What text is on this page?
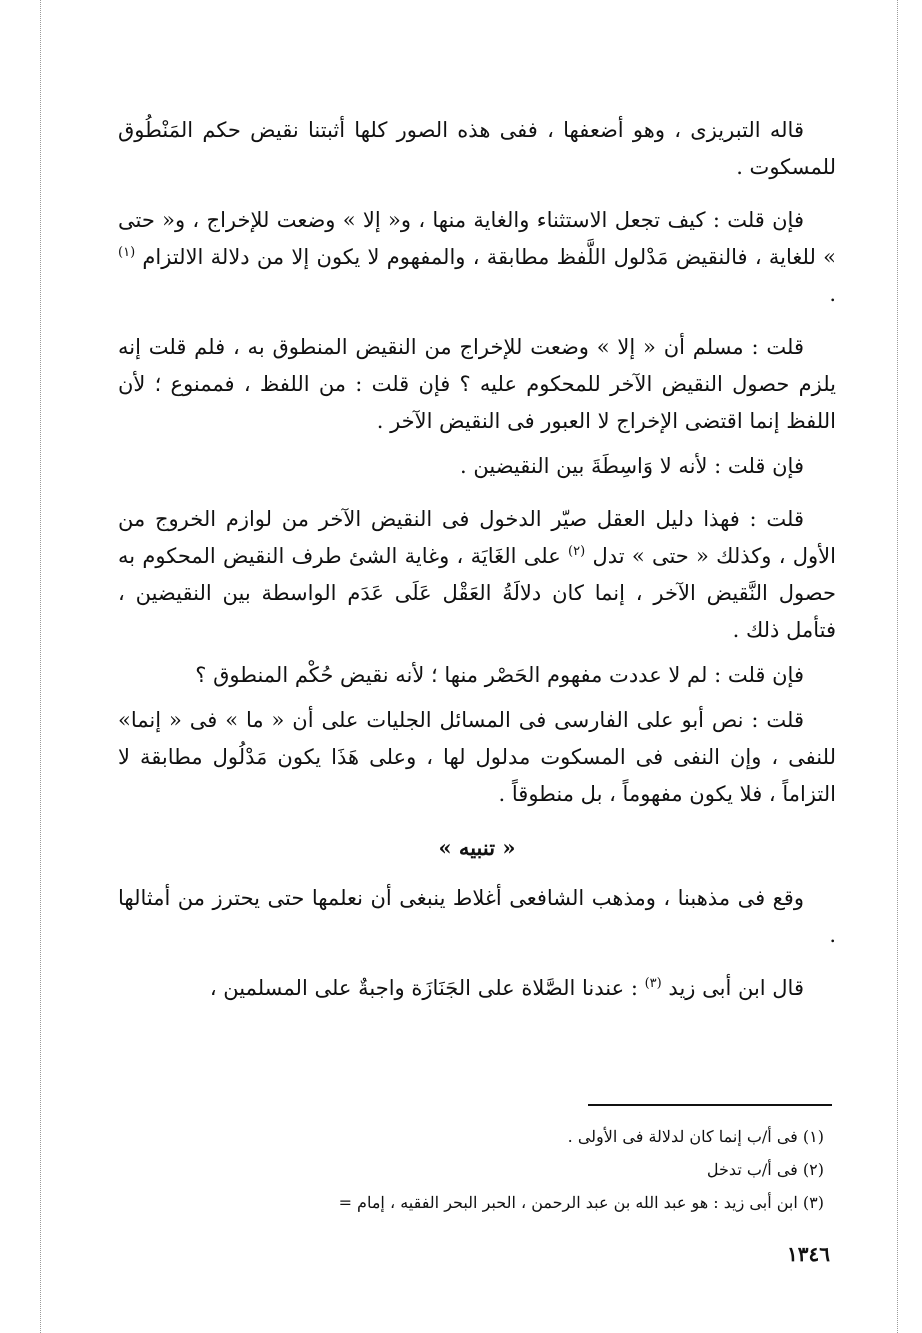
قاله التبريزى ، وهو أضعفها ، ففى هذه الصور كلها أثبتنا نقيض حكم المَنْطُوق للمسكوت .

فإن قلت : كيف تجعل الاستثناء والغاية منها ، و« إلا » وضعت للإخراج ، و« حتى » للغاية ، فالنقيض مَدْلول اللَّفظ مطابقة ، والمفهوم لا يكون إلا من دلالة الالتزام $^{(١)}$ .

قلت : مسلم أن « إلا » وضعت للإخراج من النقيض المنطوق به ، فلم قلت إنه يلزم حصول النقيض الآخر للمحكوم عليه ؟ فإن قلت : من اللفظ ، فممنوع ؛ لأن اللفظ إنما اقتضى الإخراج لا العبور فى النقيض الآخر .

فإن قلت : لأنه لا وَاسِطَةَ بين النقيضين .

قلت : فهذا دليل العقل صيّر الدخول فى النقيض الآخر من لوازم الخروج من الأول ، وكذلك « حتى » تدل $^{(٢)}$ على الغَايَة ، وغاية الشئ طرف النقيض المحكوم به حصول النَّقيض الآخر ، إنما كان دلالَةُ العَقْل عَلَى عَدَم الواسطة بين النقيضين ، فتأمل ذلك .

فإن قلت : لم لا عددت مفهوم الحَصْر منها ؛ لأنه نقيض حُكْم المنطوق ؟

قلت : نص أبو على الفارسى فى المسائل الجليات على أن « ما » فى « إنما» للنفى ، وإن النفى فى المسكوت مدلول لها ، وعلى هَذَا يكون مَدْلُول مطابقة لا التزاماً ، فلا يكون مفهوماً ، بل منطوقاً .

« تنبيه »

وقع فى مذهبنا ، ومذهب الشافعى أغلاط ينبغى أن نعلمها حتى يحترز من أمثالها .

قال ابن أبى زيد $^{(٣)}$ : عندنا الصَّلاة على الجَنَازَة واجبةٌ على المسلمين ،

(١) فى أ/ب إنما كان لدلالة فى الأولى .

(٢) فى أ/ب تدخل

(٣) ابن أبى زيد : هو عبد الله بن عبد الرحمن ، الحبر البحر الفقيه ، إمام =

١٣٤٦
